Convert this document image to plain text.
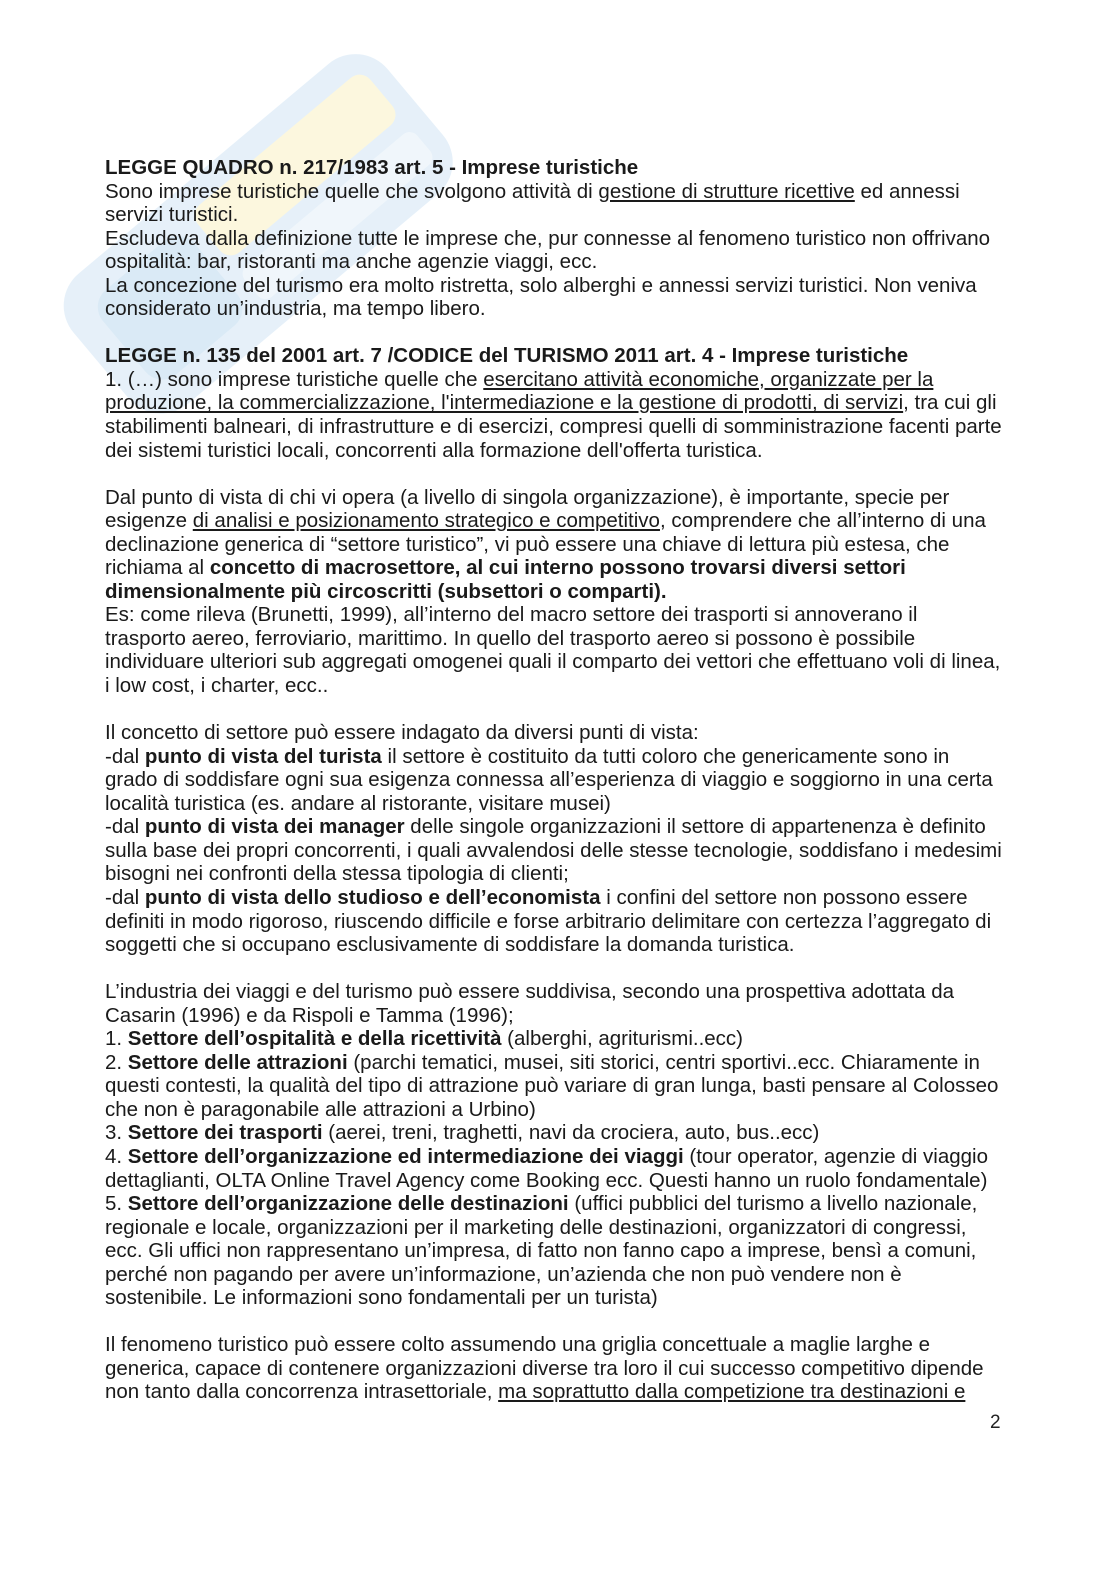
LEGGE QUADRO n. 217/1983 art. 5 - Imprese turistiche
Sono imprese turistiche quelle che svolgono attività di gestione di strutture ricettive ed annessi
servizi turistici.
Escludeva dalla definizione tutte le imprese che, pur connesse al fenomeno turistico non offrivano
ospitalità: bar, ristoranti ma anche agenzie viaggi, ecc.
La concezione del turismo era molto ristretta, solo alberghi e annessi servizi turistici. Non veniva
considerato un’industria, ma tempo libero.
LEGGE n. 135 del 2001 art. 7 /CODICE del TURISMO 2011 art. 4 - Imprese turistiche
1. (…) sono imprese turistiche quelle che esercitano attività economiche, organizzate per la
produzione, la commercializzazione, l'intermediazione e la gestione di prodotti, di servizi, tra cui gli
stabilimenti balneari, di infrastrutture e di esercizi, compresi quelli di somministrazione facenti parte
dei sistemi turistici locali, concorrenti alla formazione dell'offerta turistica.
Dal punto di vista di chi vi opera (a livello di singola organizzazione), è importante, specie per
esigenze di analisi e posizionamento strategico e competitivo, comprendere che all’interno di una
declinazione generica di “settore turistico”, vi può essere una chiave di lettura più estesa, che
richiama al concetto di macrosettore, al cui interno possono trovarsi diversi settori
dimensionalmente più circoscritti (subsettori o comparti).
Es: come rileva (Brunetti, 1999), all’interno del macro settore dei trasporti si annoverano il
trasporto aereo, ferroviario, marittimo. In quello del trasporto aereo si possono è possibile
individuare ulteriori sub aggregati omogenei quali il comparto dei vettori che effettuano voli di linea,
i low cost, i charter, ecc..
Il concetto di settore può essere indagato da diversi punti di vista:
-dal punto di vista del turista il settore è costituito da tutti coloro che genericamente sono in
grado di soddisfare ogni sua esigenza connessa all’esperienza di viaggio e soggiorno in una certa
località turistica (es. andare al ristorante, visitare musei)
-dal punto di vista dei manager delle singole organizzazioni il settore di appartenenza è definito
sulla base dei propri concorrenti, i quali avvalendosi delle stesse tecnologie, soddisfano i medesimi
bisogni nei confronti della stessa tipologia di clienti;
-dal punto di vista dello studioso e dell’economista i confini del settore non possono essere
definiti in modo rigoroso, riuscendo difficile e forse arbitrario delimitare con certezza l’aggregato di
soggetti che si occupano esclusivamente di soddisfare la domanda turistica.
L’industria dei viaggi e del turismo può essere suddivisa, secondo una prospettiva adottata da
Casarin (1996) e da Rispoli e Tamma (1996);
1. Settore dell’ospitalità e della ricettività (alberghi, agriturismi..ecc)
2. Settore delle attrazioni (parchi tematici, musei, siti storici, centri sportivi..ecc. Chiaramente in
questi contesti, la qualità del tipo di attrazione può variare di gran lunga, basti pensare al Colosseo
che non è paragonabile alle attrazioni a Urbino)
3. Settore dei trasporti (aerei, treni, traghetti, navi da crociera, auto, bus..ecc)
4. Settore dell’organizzazione ed intermediazione dei viaggi (tour operator, agenzie di viaggio
dettaglianti, OLTA Online Travel Agency come Booking ecc. Questi hanno un ruolo fondamentale)
5. Settore dell’organizzazione delle destinazioni (uffici pubblici del turismo a livello nazionale,
regionale e locale, organizzazioni per il marketing delle destinazioni, organizzatori di congressi,
ecc. Gli uffici non rappresentano un’impresa, di fatto non fanno capo a imprese, bensì a comuni,
perché non pagando per avere un’informazione, un’azienda che non può vendere non è
sostenibile. Le informazioni sono fondamentali per un turista)
Il fenomeno turistico può essere colto assumendo una griglia concettuale a maglie larghe e
generica, capace di contenere organizzazioni diverse tra loro il cui successo competitivo dipende
non tanto dalla concorrenza intrasettoriale, ma soprattutto dalla competizione tra destinazioni e
2
